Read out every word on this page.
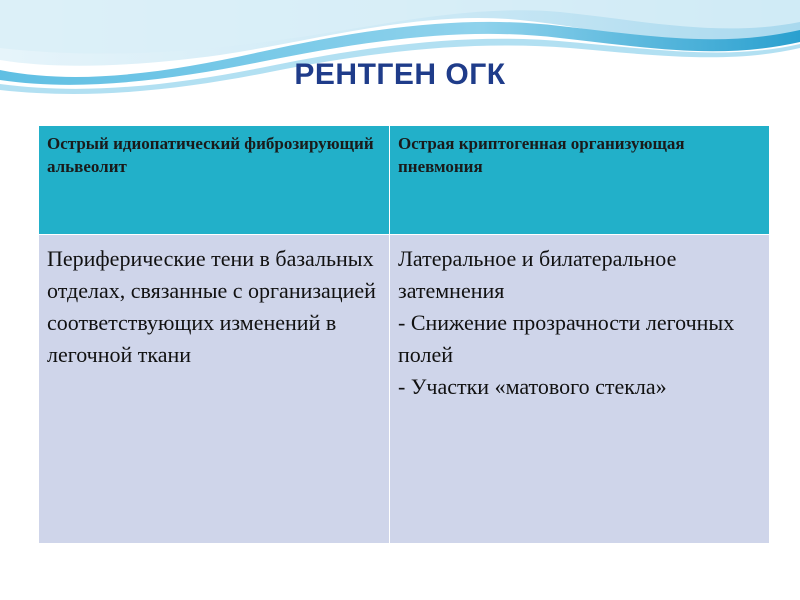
РЕНТГЕН ОГК
Острый идиопатический фиброзирующий альвеолит	Острая криптогенная организующая пневмония
Периферические тени в базальных отделах, связанные с организацией соответствующих изменений в легочной ткани	Латеральное и билатеральное затемнения
- Снижение прозрачности легочных полей
- Участки «матового стекла»
